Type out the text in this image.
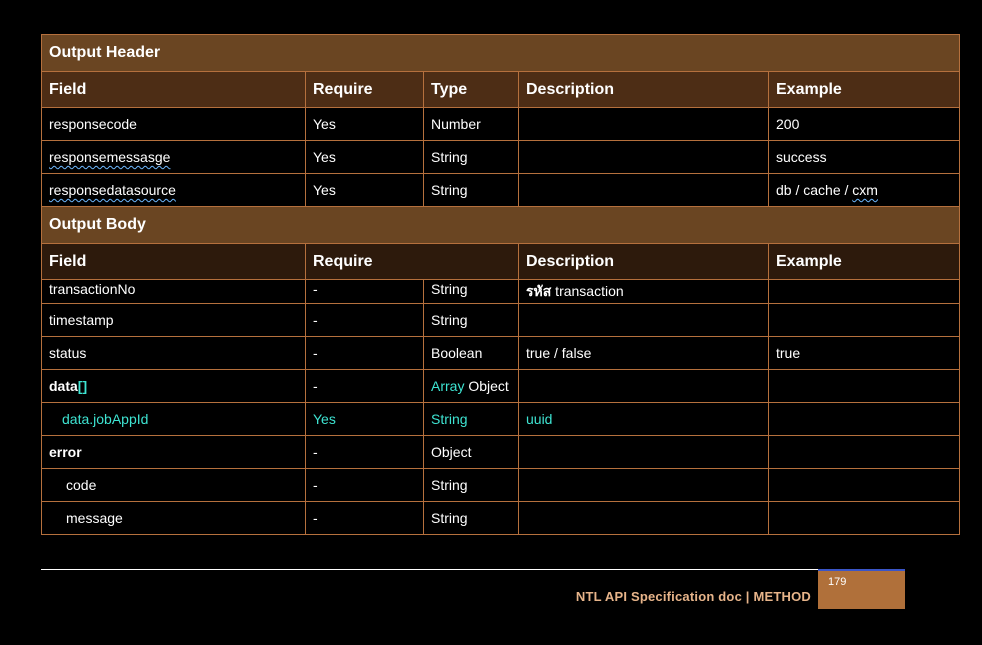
Output Header				
Field	Require	Type	Description	Example
responsecode	Yes	Number		200
responsemessasge	Yes	String		success
responsedatasource	Yes	String		db / cache / cxm
Output Body				
Field	Require		Description	Example
transactionNo	-	String	รหัส transaction	
timestamp	-	String		
status	-	Boolean	true / false	true
data[]	-	Array Object		
data.jobAppId	Yes	String	uuid	
error	-	Object		
code	-	String		
message	-	String		
NTL API Specification doc | METHOD
179
